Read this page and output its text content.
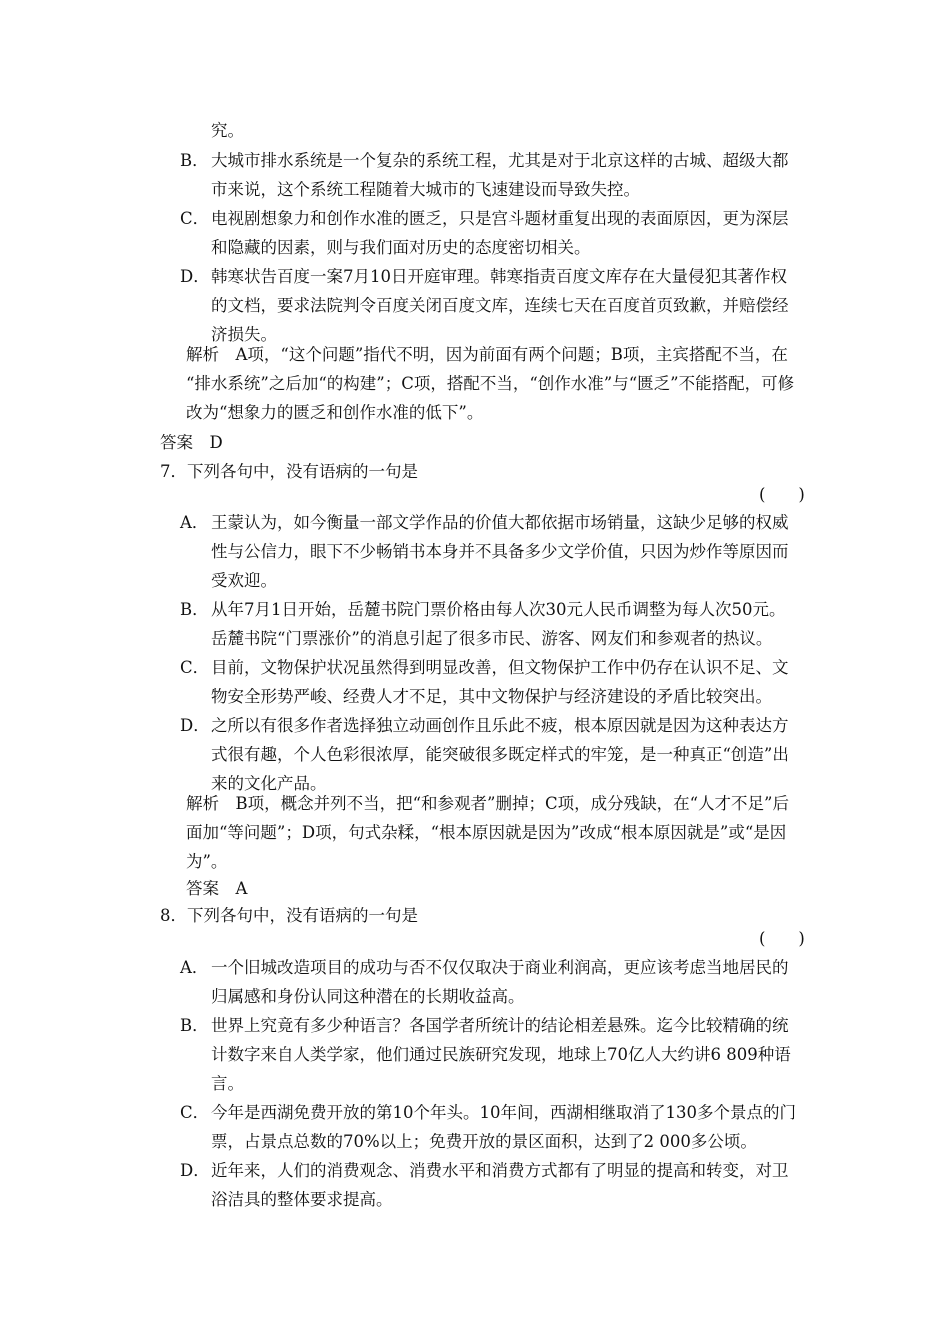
究。
B． 大城市排水系统是一个复杂的系统工程，尤其是对于北京这样的古城、超级大都
市来说，这个系统工程随着大城市的飞速建设而导致失控。
C． 电视剧想象力和创作水准的匮乏，只是宫斗题材重复出现的表面原因，更为深层
和隐藏的因素，则与我们面对历史的态度密切相关。
D． 韩寒状告百度一案7月10日开庭审理。韩寒指责百度文库存在大量侵犯其著作权
的文档，要求法院判令百度关闭百度文库，连续七天在百度首页致歉，并赔偿经
济损失。
解析　A项，“这个问题”指代不明，因为前面有两个问题；B项，主宾搭配不当，在
“排水系统”之后加“的构建”；C项，搭配不当，“创作水准”与“匮乏”不能搭配，可修
改为“想象力的匮乏和创作水准的低下”。
答案　D
7．下列各句中，没有语病的一句是
(　　)
A． 王蒙认为，如今衡量一部文学作品的价值大都依据市场销量，这缺少足够的权威
性与公信力，眼下不少畅销书本身并不具备多少文学价值，只因为炒作等原因而
受欢迎。
B． 从年7月1日开始，岳麓书院门票价格由每人次30元人民币调整为每人次50元。
岳麓书院“门票涨价”的消息引起了很多市民、游客、网友们和参观者的热议。
C． 目前，文物保护状况虽然得到明显改善，但文物保护工作中仍存在认识不足、文
物安全形势严峻、经费人才不足，其中文物保护与经济建设的矛盾比较突出。
D． 之所以有很多作者选择独立动画创作且乐此不疲，根本原因就是因为这种表达方
式很有趣，个人色彩很浓厚，能突破很多既定样式的牢笼，是一种真正“创造”出
来的文化产品。
解析　B项，概念并列不当，把“和参观者”删掉；C项，成分残缺，在“人才不足”后
面加“等问题”；D项，句式杂糅，“根本原因就是因为”改成“根本原因就是”或“是因
为”。
答案　A
8．下列各句中，没有语病的一句是
(　　)
A． 一个旧城改造项目的成功与否不仅仅取决于商业利润高，更应该考虑当地居民的
归属感和身份认同这种潜在的长期收益高。
B． 世界上究竟有多少种语言？各国学者所统计的结论相差悬殊。迄今比较精确的统
计数字来自人类学家，他们通过民族研究发现，地球上70亿人大约讲6 809种语
言。
C． 今年是西湖免费开放的第10个年头。10年间，西湖相继取消了130多个景点的门
票，占景点总数的70%以上；免费开放的景区面积，达到了2 000多公顷。
D． 近年来，人们的消费观念、消费水平和消费方式都有了明显的提高和转变，对卫
浴洁具的整体要求提高。
